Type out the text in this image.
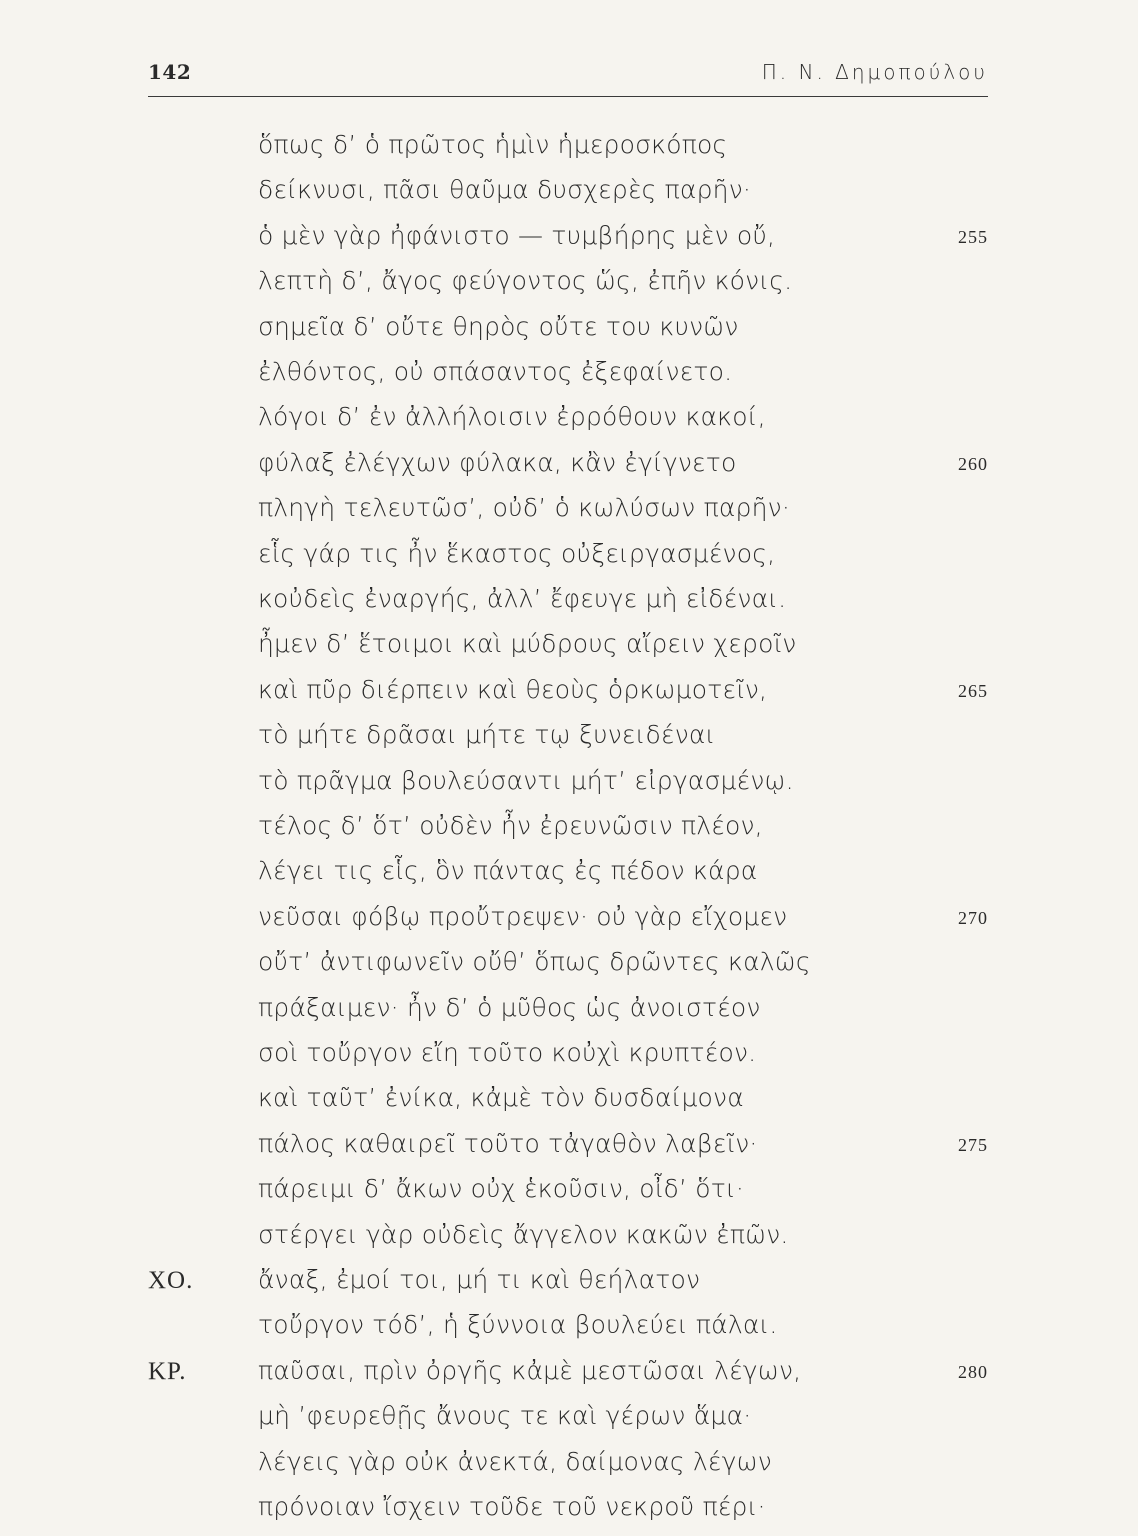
142	Π. Ν. Δημοπούλου
ὅπως δ’ ὁ πρῶτος ἡμὶν ἡμεροσκόπος
δείκνυσι, πᾶσι θαῦμα δυσχερὲς παρῆν·
ὁ μὲν γὰρ ἠφάνιστο — τυμβήρης μὲν οὔ,	255
λεπτὴ δ’, ἄγος φεύγοντος ὥς, ἐπῆν κόνις.
σημεῖα δ’ οὔτε θηρὸς οὔτε του κυνῶν
ἐλθόντος, οὐ σπάσαντος ἐξεφαίνετο.
λόγοι δ’ ἐν ἀλλήλοισιν ἐρρόθουν κακοί,
φύλαξ ἐλέγχων φύλακα, κἂν ἐγίγνετο	260
πληγὴ τελευτῶσ’, οὐδ’ ὁ κωλύσων παρῆν·
εἷς γάρ τις ἦν ἕκαστος οὐξειργασμένος,
κοὐδεὶς ἐναργής, ἀλλ’ ἔφευγε μὴ εἰδέναι.
ἦμεν δ’ ἕτοιμοι καὶ μύδρους αἴρειν χεροῖν
καὶ πῦρ διέρπειν καὶ θεοὺς ὁρκωμοτεῖν,	265
τὸ μήτε δρᾶσαι μήτε τῳ ξυνειδέναι
τὸ πρᾶγμα βουλεύσαντι μήτ’ εἰργασμένῳ.
τέλος δ’ ὅτ’ οὐδὲν ἦν ἐρευνῶσιν πλέον,
λέγει τις εἷς, ὃν πάντας ἐς πέδον κάρα
νεῦσαι φόβῳ προὔτρεψεν· οὐ γὰρ εἴχομεν	270
οὔτ’ ἀντιφωνεῖν οὔθ’ ὅπως δρῶντες καλῶς
πράξαιμεν· ἦν δ’ ὁ μῦθος ὡς ἀνοιστέον
σοὶ τοὔργον εἴη τοῦτο κοὐχὶ κρυπτέον.
καὶ ταῦτ’ ἐνίκα, κἀμὲ τὸν δυσδαίμονα
πάλος καθαιρεῖ τοῦτο τἀγαθὸν λαβεῖν·	275
πάρειμι δ’ ἄκων οὐχ ἑκοῦσιν, οἶδ’ ὅτι·
στέργει γὰρ οὐδεὶς ἄγγελον κακῶν ἐπῶν.
ΧΟ.	ἄναξ, ἐμοί τοι, μή τι καὶ θεήλατον
τοὔργον τόδ’, ἡ ξύννοια βουλεύει πάλαι.
ΚΡ.	παῦσαι, πρὶν ὀργῆς κἀμὲ μεστῶσαι λέγων,	280
μὴ ’φευρεθῇς ἄνους τε καὶ γέρων ἅμα·
λέγεις γὰρ οὐκ ἀνεκτά, δαίμονας λέγων
πρόνοιαν ἴσχειν τοῦδε τοῦ νεκροῦ πέρι·
